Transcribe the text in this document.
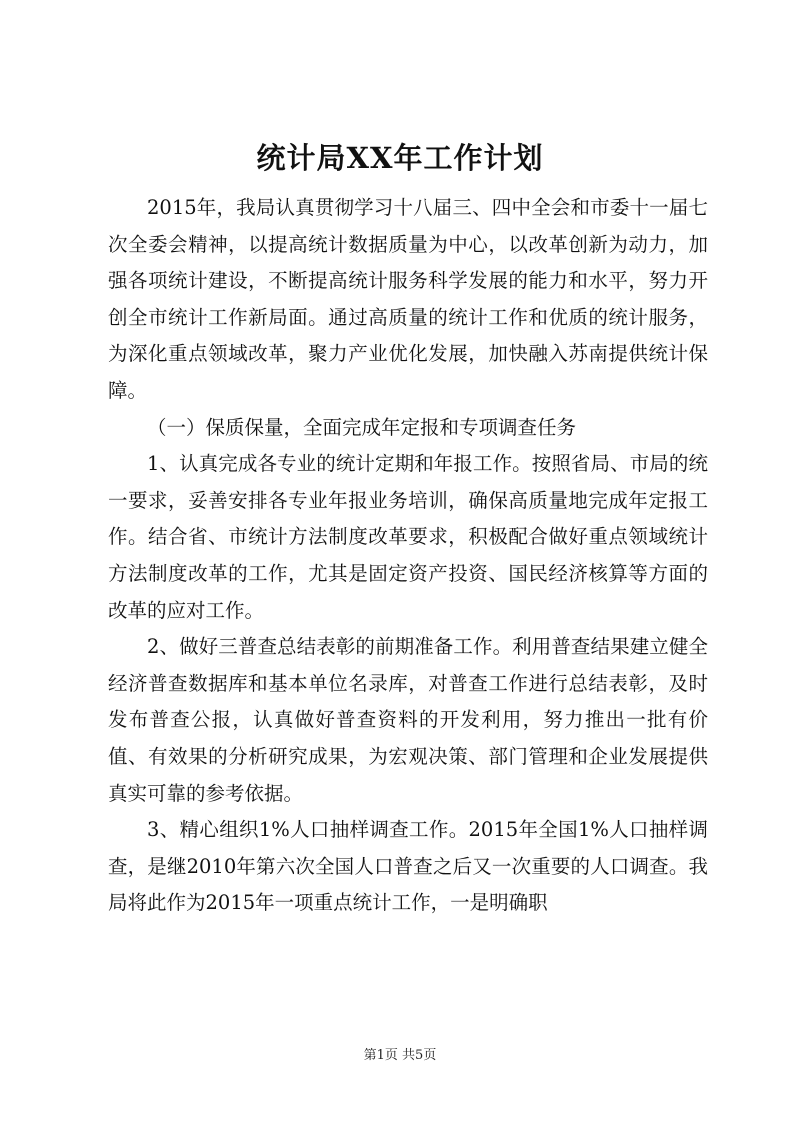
统计局XX年工作计划

2015年，我局认真贯彻学习十八届三、四中全会和市委十一届七次全委会精神，以提高统计数据质量为中心，以改革创新为动力，加强各项统计建设，不断提高统计服务科学发展的能力和水平，努力开创全市统计工作新局面。通过高质量的统计工作和优质的统计服务，为深化重点领域改革，聚力产业优化发展，加快融入苏南提供统计保障。

（一）保质保量，全面完成年定报和专项调查任务

1、认真完成各专业的统计定期和年报工作。按照省局、市局的统一要求，妥善安排各专业年报业务培训，确保高质量地完成年定报工作。结合省、市统计方法制度改革要求，积极配合做好重点领域统计方法制度改革的工作，尤其是固定资产投资、国民经济核算等方面的改革的应对工作。

2、做好三普查总结表彰的前期准备工作。利用普查结果建立健全经济普查数据库和基本单位名录库，对普查工作进行总结表彰，及时发布普查公报，认真做好普查资料的开发利用，努力推出一批有价值、有效果的分析研究成果，为宏观决策、部门管理和企业发展提供真实可靠的参考依据。

3、精心组织1%人口抽样调查工作。2015年全国1%人口抽样调查，是继2010年第六次全国人口普查之后又一次重要的人口调查。我局将此作为2015年一项重点统计工作，一是明确职

第1页 共5页
